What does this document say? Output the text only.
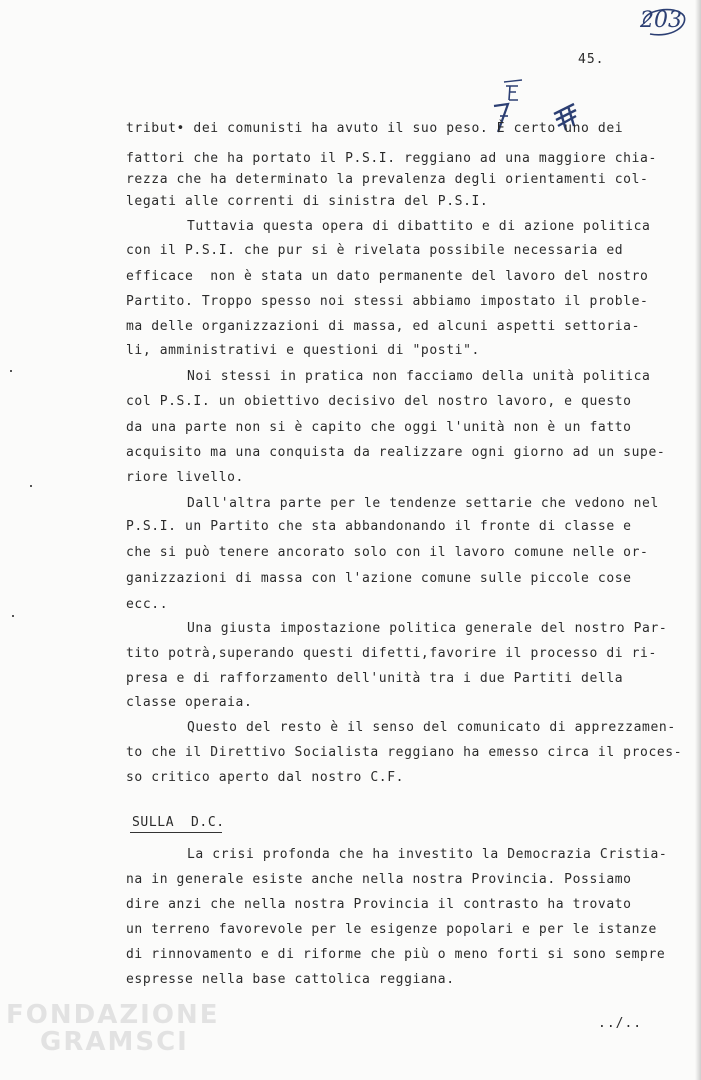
203
45.
tribut• dei comunisti ha avuto il suo peso. È certo uno dei
fattori che ha portato il P.S.I. reggiano ad una maggiore chia-
rezza che ha determinato la prevalenza degli orientamenti col-
legati alle correnti di sinistra del P.S.I.
Tuttavia questa opera di dibattito e di azione politica
con il P.S.I. che pur si è rivelata possibile necessaria ed
efficace  non è stata un dato permanente del lavoro del nostro
Partito. Troppo spesso noi stessi abbiamo impostato il proble-
ma delle organizzazioni di massa, ed alcuni aspetti settoria-
li, amministrativi e questioni di "posti".
Noi stessi in pratica non facciamo della unità politica
col P.S.I. un obiettivo decisivo del nostro lavoro, e questo
da una parte non si è capito che oggi l'unità non è un fatto
acquisito ma una conquista da realizzare ogni giorno ad un supe-
riore livello.
Dall'altra parte per le tendenze settarie che vedono nel
P.S.I. un Partito che sta abbandonando il fronte di classe e
che si può tenere ancorato solo con il lavoro comune nelle or-
ganizzazioni di massa con l'azione comune sulle piccole cose
ecc..
Una giusta impostazione politica generale del nostro Par-
tito potrà,superando questi difetti,favorire il processo di ri-
presa e di rafforzamento dell'unità tra i due Partiti della
classe operaia.
Questo del resto è il senso del comunicato di apprezzamen-
to che il Direttivo Socialista reggiano ha emesso circa il proces-
so critico aperto dal nostro C.F.
SULLA  D.C.
La crisi profonda che ha investito la Democrazia Cristia-
na in generale esiste anche nella nostra Provincia. Possiamo
dire anzi che nella nostra Provincia il contrasto ha trovato
un terreno favorevole per le esigenze popolari e per le istanze
di rinnovamento e di riforme che più o meno forti si sono sempre
espresse nella base cattolica reggiana.
../..
FONDAZIONE
GRAMSCI
